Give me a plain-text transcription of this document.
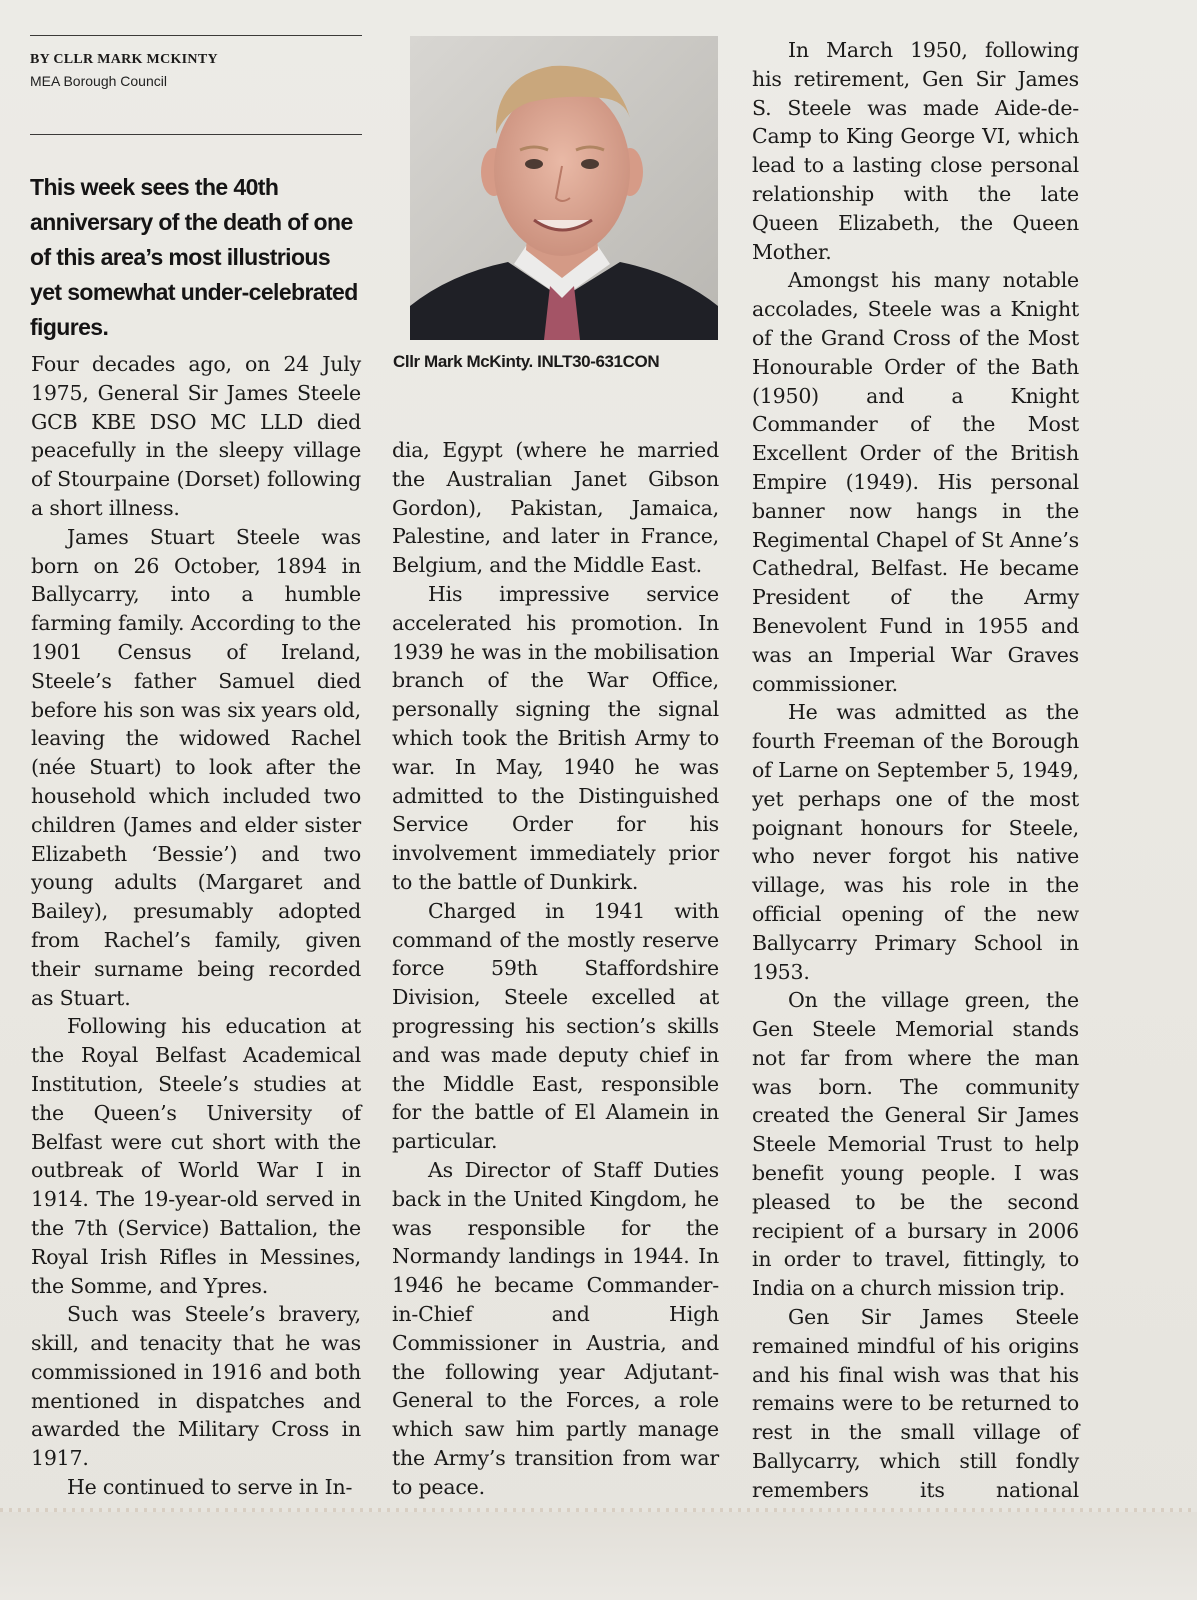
BY CLLR MARK MCKINTY
MEA Borough Council
This week sees the 40th anniversary of the death of one of this area’s most illustrious yet somewhat under-celebrated figures.
Cllr Mark McKinty. INLT30-631CON

Four decades ago, on 24 July 1975, General Sir James Steele GCB KBE DSO MC LLD died peacefully in the sleepy village of Stourpaine (Dorset) following a short illness.

James Stuart Steele was born on 26 October, 1894 in Ballycarry, into a humble farming family. According to the 1901 Census of Ireland, Steele’s father Samuel died before his son was six years old, leaving the widowed Rachel (née Stuart) to look after the household which included two children (James and elder sister Elizabeth ‘Bessie’) and two young adults (Margaret and Bailey), presumably adopted from Rachel’s family, given their surname being recorded as Stuart.

Following his education at the Royal Belfast Academical Institution, Steele’s studies at the Queen’s University of Belfast were cut short with the outbreak of World War I in 1914. The 19-year-old served in the 7th (Service) Battalion, the Royal Irish Rifles in Messines, the Somme, and Ypres.

Such was Steele’s bravery, skill, and tenacity that he was commissioned in 1916 and both mentioned in dispatches and awarded the Military Cross in 1917.

He continued to serve in In-

dia, Egypt (where he married the Australian Janet Gibson Gordon), Pakistan, Jamaica, Palestine, and later in France, Belgium, and the Middle East.

His impressive service accelerated his promotion. In 1939 he was in the mobilisation branch of the War Office, personally signing the signal which took the British Army to war. In May, 1940 he was admitted to the Distinguished Service Order for his involvement immediately prior to the battle of Dunkirk.

Charged in 1941 with command of the mostly reserve force 59th Staffordshire Division, Steele excelled at progressing his section’s skills and was made deputy chief in the Middle East, responsible for the battle of El Alamein in particular.

As Director of Staff Duties back in the United Kingdom, he was responsible for the Normandy landings in 1944. In 1946 he became Commander-in-Chief and High Commissioner in Austria, and the following year Adjutant-General to the Forces, a role which saw him partly manage the Army’s transition from war to peace.

In March 1950, following his retirement, Gen Sir James S. Steele was made Aide-de-Camp to King George VI, which lead to a lasting close personal relationship with the late Queen Elizabeth, the Queen Mother.

Amongst his many notable accolades, Steele was a Knight of the Grand Cross of the Most Honourable Order of the Bath (1950) and a Knight Commander of the Most Excellent Order of the British Empire (1949). His personal banner now hangs in the Regimental Chapel of St Anne’s Cathedral, Belfast. He became President of the Army Benevolent Fund in 1955 and was an Imperial War Graves commissioner.

He was admitted as the fourth Freeman of the Borough of Larne on September 5, 1949, yet perhaps one of the most poignant honours for Steele, who never forgot his native village, was his role in the official opening of the new Ballycarry Primary School in 1953.

On the village green, the Gen Steele Memorial stands not far from where the man was born. The community created the General Sir James Steele Memorial Trust to help benefit young people. I was pleased to be the second recipient of a bursary in 2006 in order to travel, fittingly, to India on a church mission trip.

Gen Sir James Steele remained mindful of his origins and his final wish was that his remains were to be returned to rest in the small village of Ballycarry, which still fondly remembers its national
